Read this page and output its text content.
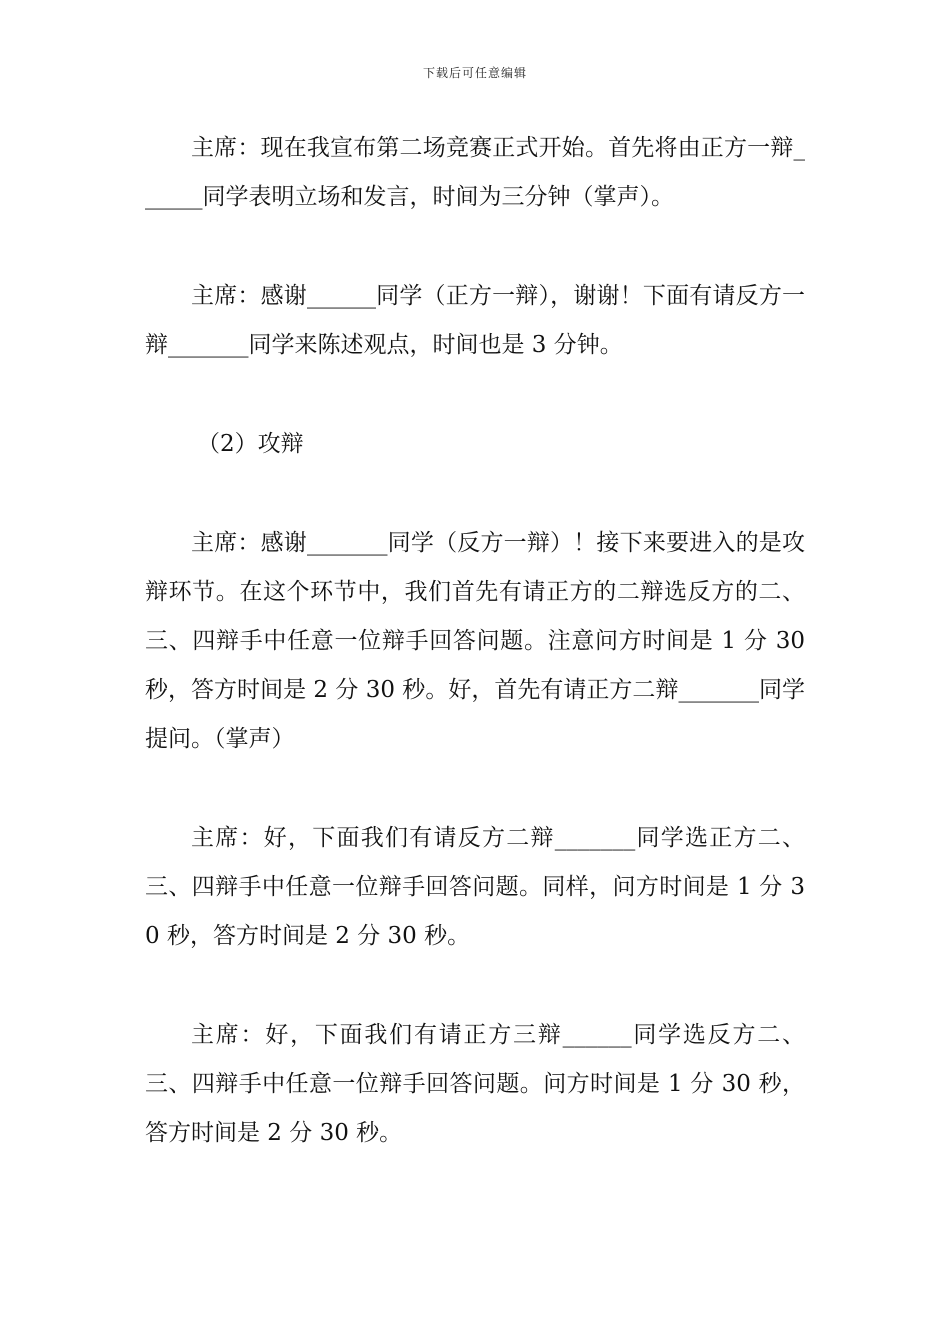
下载后可任意编辑

主席：现在我宣布第二场竞赛正式开始。首先将由正方一辩______同学表明立场和发言，时间为三分钟（掌声）。

主席：感谢______同学（正方一辩），谢谢！下面有请反方一辩_______同学来陈述观点，时间也是 3 分钟。

（2）攻辩

主席：感谢_______同学（反方一辩）！接下来要进入的是攻辩环节。在这个环节中，我们首先有请正方的二辩选反方的二、三、四辩手中任意一位辩手回答问题。注意问方时间是 1 分 30 秒，答方时间是 2 分 30 秒。好，首先有请正方二辩_______同学提问。（掌声）

主席：好，下面我们有请反方二辩_______同学选正方二、三、四辩手中任意一位辩手回答问题。同样，问方时间是 1 分 30 秒，答方时间是 2 分 30 秒。

主席：好，下面我们有请正方三辩______同学选反方二、三、四辩手中任意一位辩手回答问题。问方时间是 1 分 30 秒，答方时间是 2 分 30 秒。
